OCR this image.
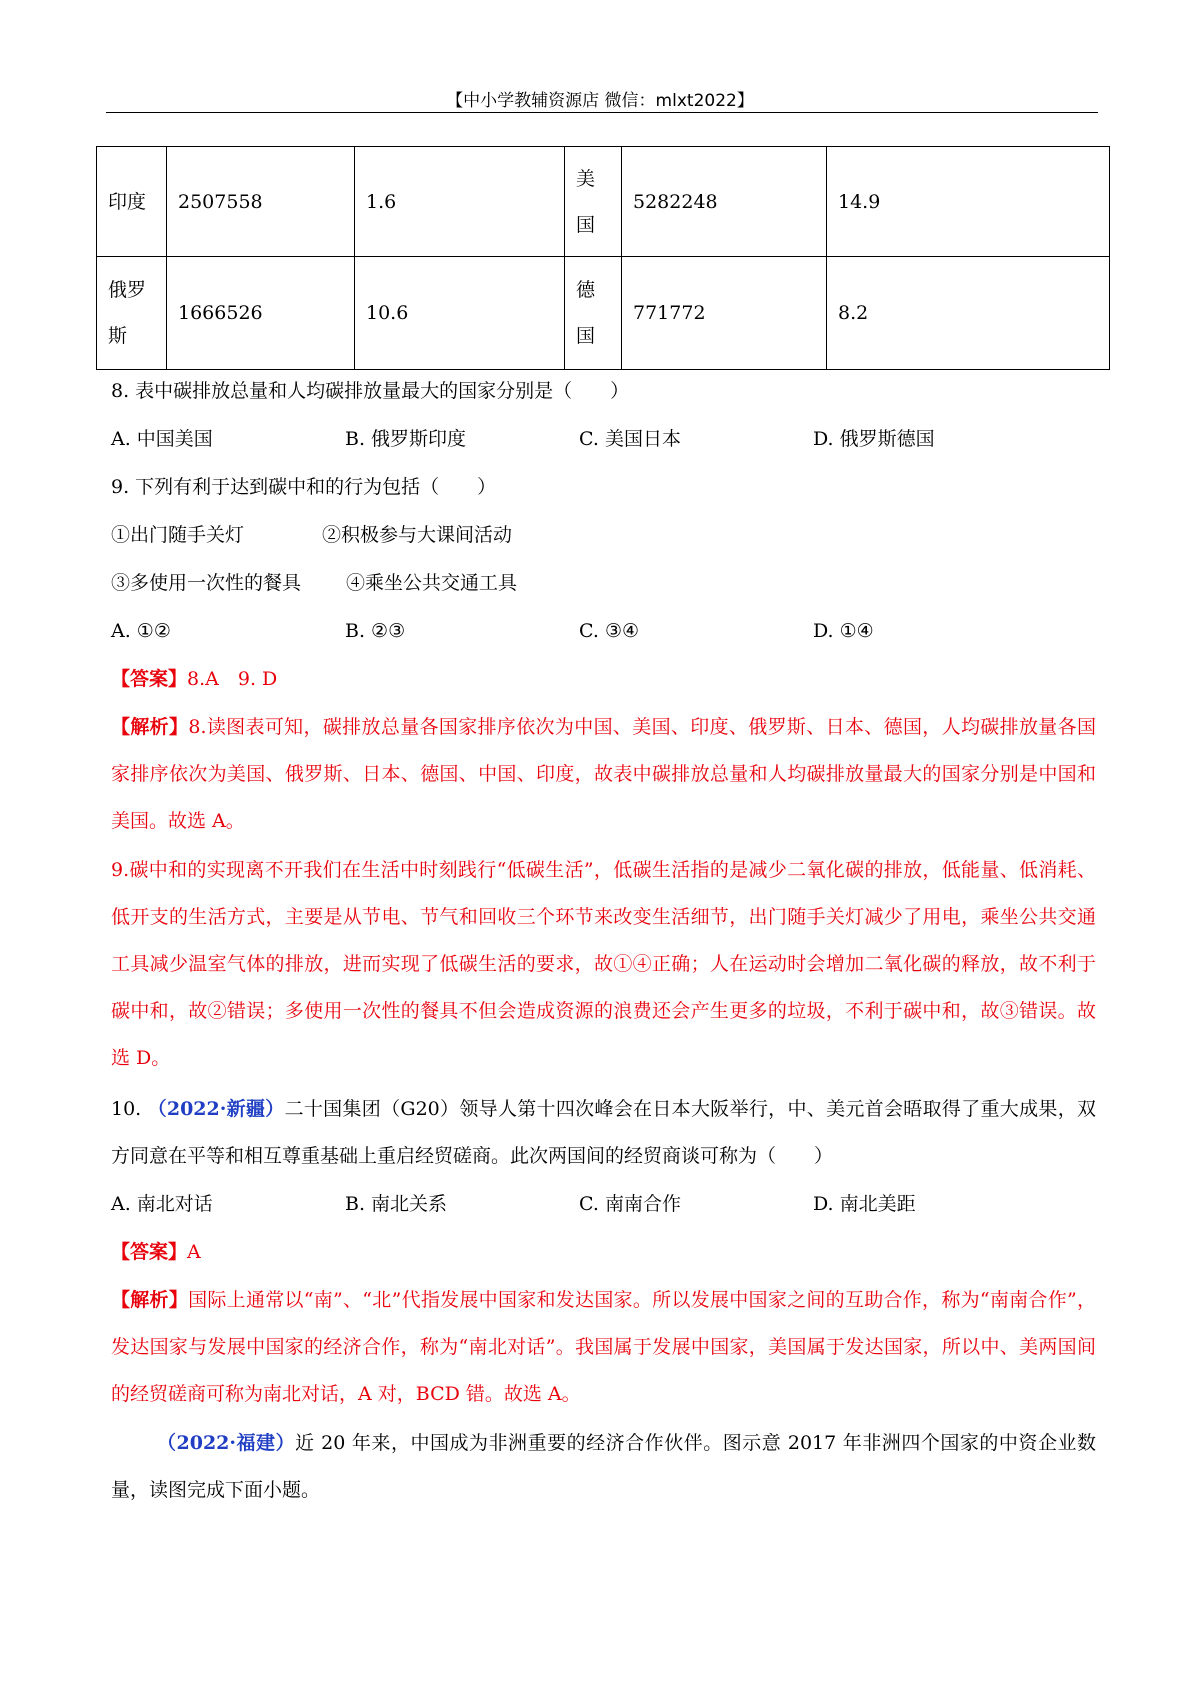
【中小学教辅资源店 微信：mlxt2022】
印度	2507558	1.6	美国	5282248	14.9
俄罗斯	1666526	10.6	德国	771772	8.2
8. 表中碳排放总量和人均碳排放量最大的国家分别是（　　）
A. 中国美国	B. 俄罗斯印度	C. 美国日本	D. 俄罗斯德国
9. 下列有利于达到碳中和的行为包括（　　）
①出门随手关灯	②积极参与大课间活动
③多使用一次性的餐具 ④乘坐公共交通工具
A. ①②	B. ②③	C. ③④	D. ①④
【答案】8.A　9. D
【解析】8.读图表可知，碳排放总量各国家排序依次为中国、美国、印度、俄罗斯、日本、德国，人均碳排放量各国家排序依次为美国、俄罗斯、日本、德国、中国、印度，故表中碳排放总量和人均碳排放量最大的国家分别是中国和美国。故选 A。
9.碳中和的实现离不开我们在生活中时刻践行“低碳生活”，低碳生活指的是减少二氧化碳的排放，低能量、低消耗、低开支的生活方式，主要是从节电、节气和回收三个环节来改变生活细节，出门随手关灯减少了用电，乘坐公共交通工具减少温室气体的排放，进而实现了低碳生活的要求，故①④正确；人在运动时会增加二氧化碳的释放，故不利于碳中和，故②错误；多使用一次性的餐具不但会造成资源的浪费还会产生更多的垃圾，不利于碳中和，故③错误。故选 D。
10. （2022·新疆）二十国集团（G20）领导人第十四次峰会在日本大阪举行，中、美元首会晤取得了重大成果，双方同意在平等和相互尊重基础上重启经贸磋商。此次两国间的经贸商谈可称为（　　）
A. 南北对话	B. 南北关系	C. 南南合作	D. 南北美距
【答案】A
【解析】国际上通常以“南”、“北”代指发展中国家和发达国家。所以发展中国家之间的互助合作，称为“南南合作”，发达国家与发展中国家的经济合作，称为“南北对话”。我国属于发展中国家，美国属于发达国家，所以中、美两国间的经贸磋商可称为南北对话，A 对，BCD 错。故选 A。
（2022·福建）近 20 年来，中国成为非洲重要的经济合作伙伴。图示意 2017 年非洲四个国家的中资企业数量，读图完成下面小题。
